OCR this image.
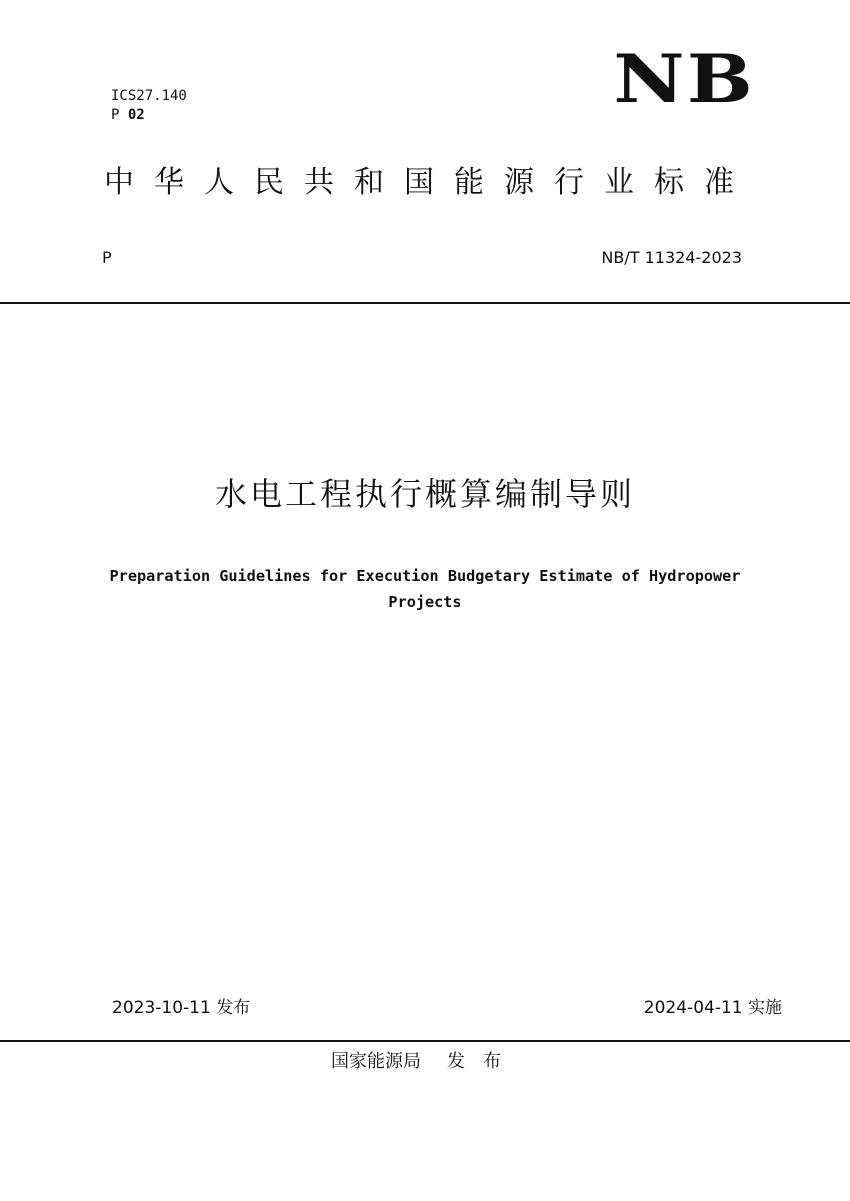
ICS27.140
P 02	NB
中华人民共和国能源行业标准
P	NB/T 11324-2023
水电工程执行概算编制导则
Preparation Guidelines for Execution Budgetary Estimate of Hydropower
Projects
2023-10-11 发布	2024-04-11 实施
国家能源局 发布
